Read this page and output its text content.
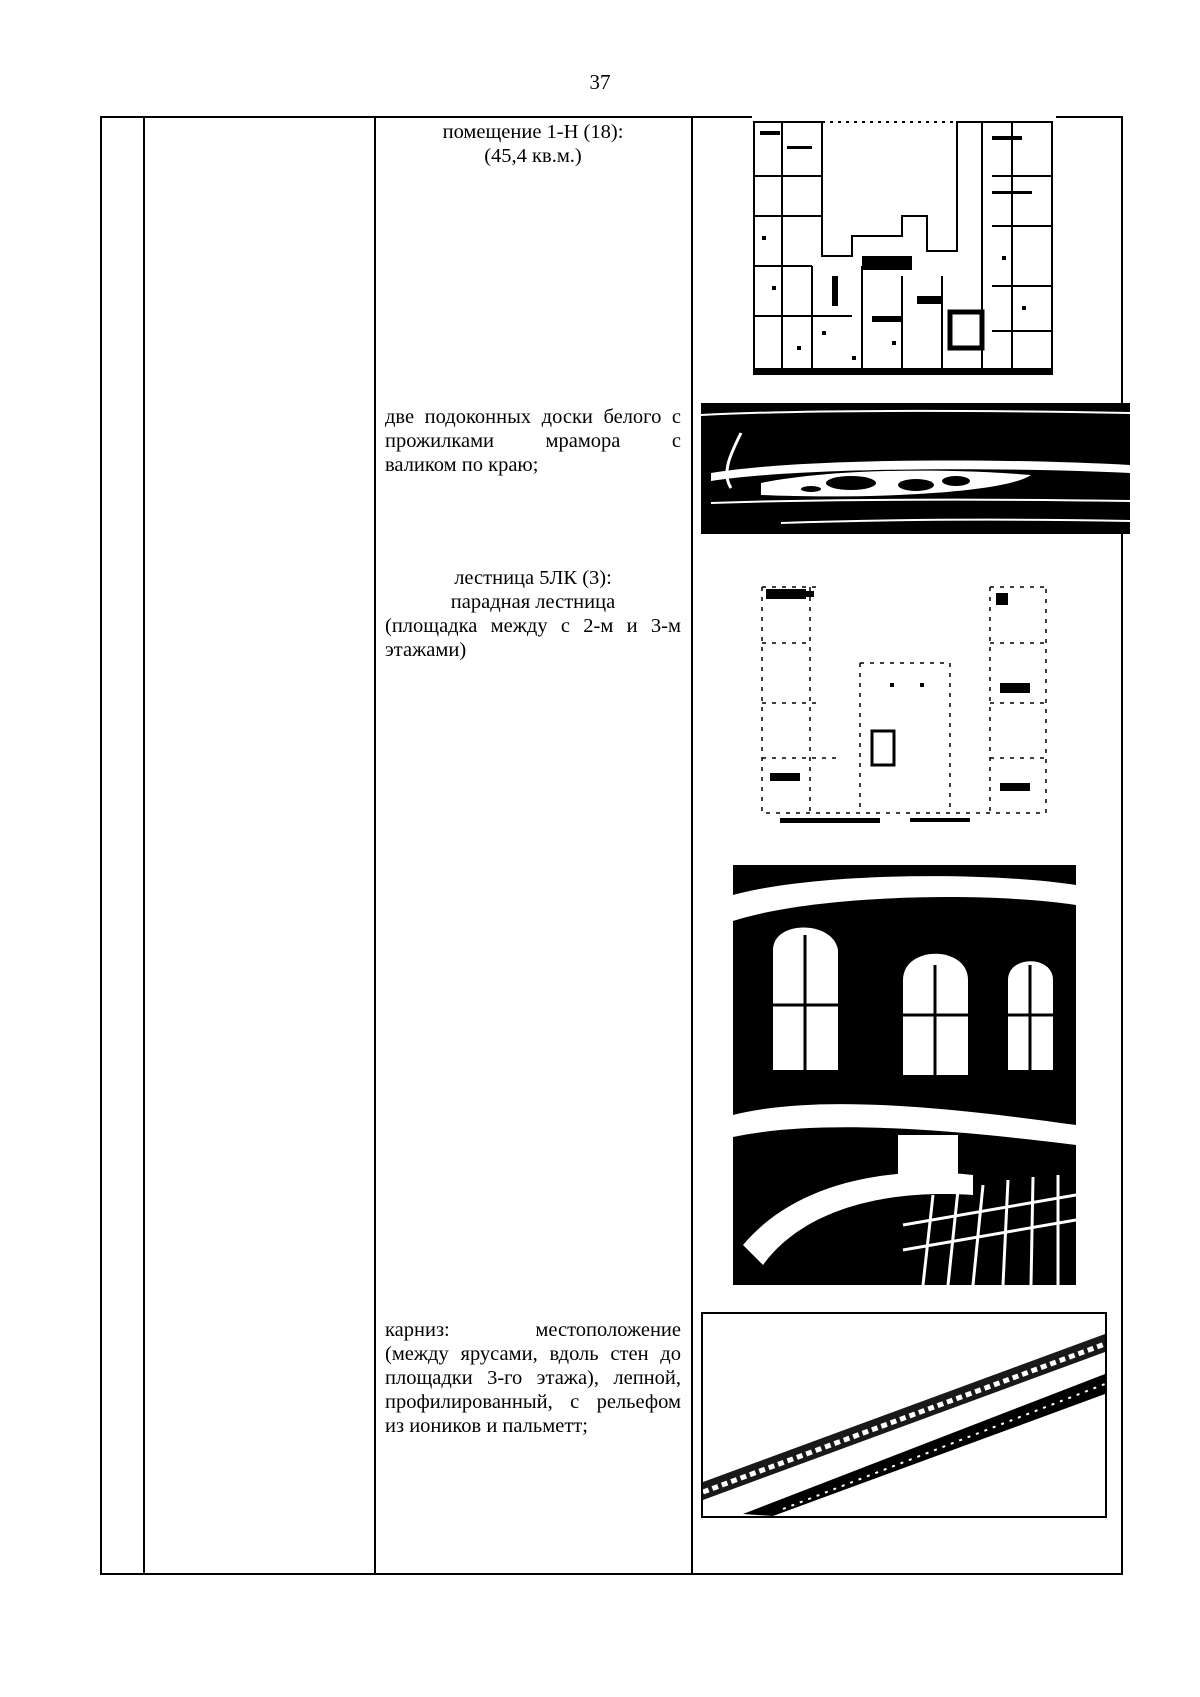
37
помещение 1-Н (18):
(45,4 кв.м.)
две подоконных доски белого с
прожилками мрамора с
валиком по краю;
лестница 5ЛК (3):
парадная лестница
(площадка между с 2-м и 3-м
этажами)
карниз: местоположение
(между ярусами, вдоль стен до
площадки 3-го этажа), лепной,
профилированный, с рельефом
из иоников и пальметт;
